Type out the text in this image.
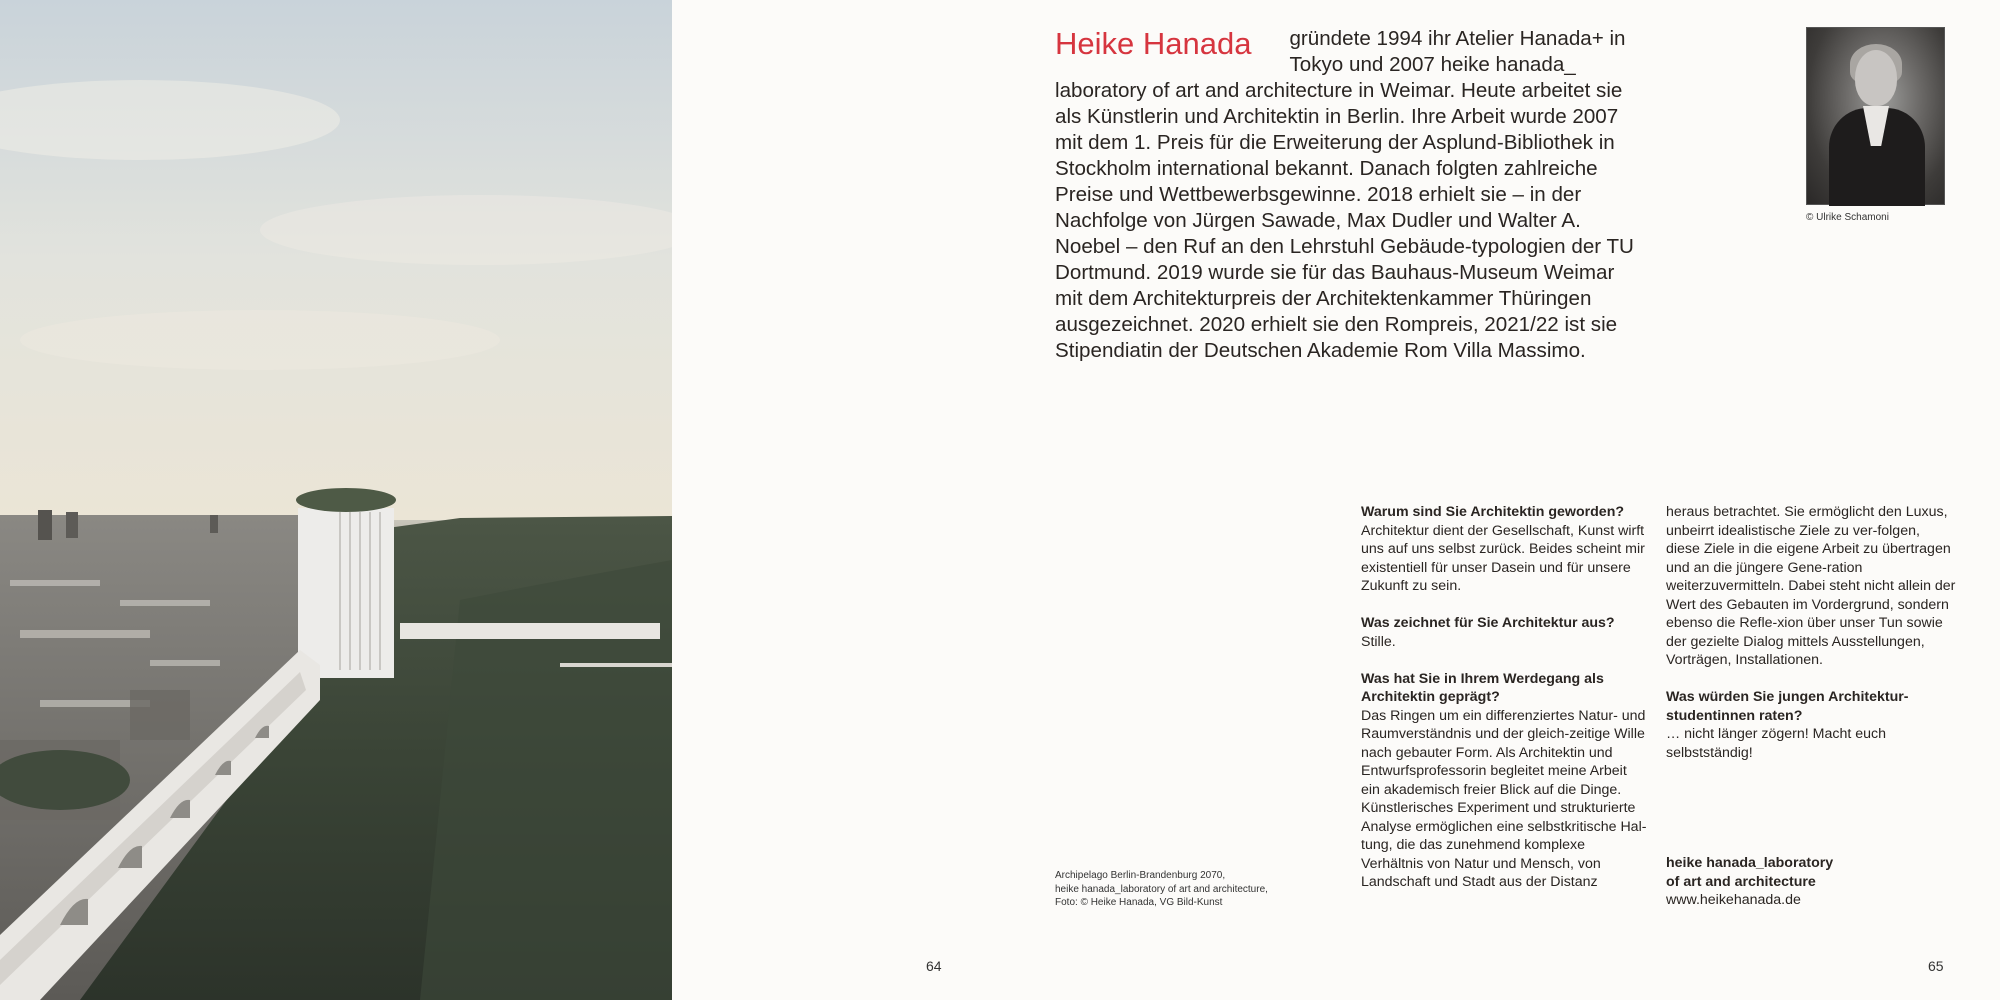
Heike Hanada gründete 1994 ihr Atelier Hanada+ in Tokyo und 2007 heike hanada_ laboratory of art and architecture in Weimar. Heute arbeitet sie als Künstlerin und Architektin in Berlin. Ihre Arbeit wurde 2007 mit dem 1. Preis für die Erweiterung der Asplund-Bibliothek in Stockholm international bekannt. Danach folgten zahlreiche Preise und Wettbewerbsgewinne. 2018 erhielt sie – in der Nachfolge von Jürgen Sawade, Max Dudler und Walter A. Noebel – den Ruf an den Lehrstuhl Gebäude-typologien der TU Dortmund. 2019 wurde sie für das Bauhaus-Museum Weimar mit dem Architekturpreis der Architektenkammer Thüringen ausgezeichnet. 2020 erhielt sie den Rompreis, 2021/22 ist sie Stipendiatin der Deutschen Akademie Rom Villa Massimo.
© Ulrike Schamoni

Warum sind Sie Architektin geworden?
Architektur dient der Gesellschaft, Kunst wirft uns auf uns selbst zurück. Beides scheint mir existentiell für unser Dasein und für unsere Zukunft zu sein.

Was zeichnet für Sie Architektur aus?
Stille.

Was hat Sie in Ihrem Werdegang als Architektin geprägt?
Das Ringen um ein differenziertes Natur- und Raumverständnis und der gleich-zeitige Wille nach gebauter Form. Als Architektin und Entwurfsprofessorin begleitet meine Arbeit ein akademisch freier Blick auf die Dinge. Künstlerisches Experiment und strukturierte Analyse ermöglichen eine selbstkritische Hal-tung, die das zunehmend komplexe Verhältnis von Natur und Mensch, von Landschaft und Stadt aus der Distanz

heraus betrachtet. Sie ermöglicht den Luxus, unbeirrt idealistische Ziele zu ver-folgen, diese Ziele in die eigene Arbeit zu übertragen und an die jüngere Gene-ration weiterzuvermitteln. Dabei steht nicht allein der Wert des Gebauten im Vordergrund, sondern ebenso die Refle-xion über unser Tun sowie der gezielte Dialog mittels Ausstellungen, Vorträgen, Installationen.

Was würden Sie jungen Architektur-studentinnen raten?
… nicht länger zögern! Macht euch selbstständig!

heike hanada_laboratory
of art and architecture
www.heikehanada.de
Archipelago Berlin-Brandenburg 2070,
heike hanada_laboratory of art and architecture,
Foto: © Heike Hanada, VG Bild-Kunst
64	65
